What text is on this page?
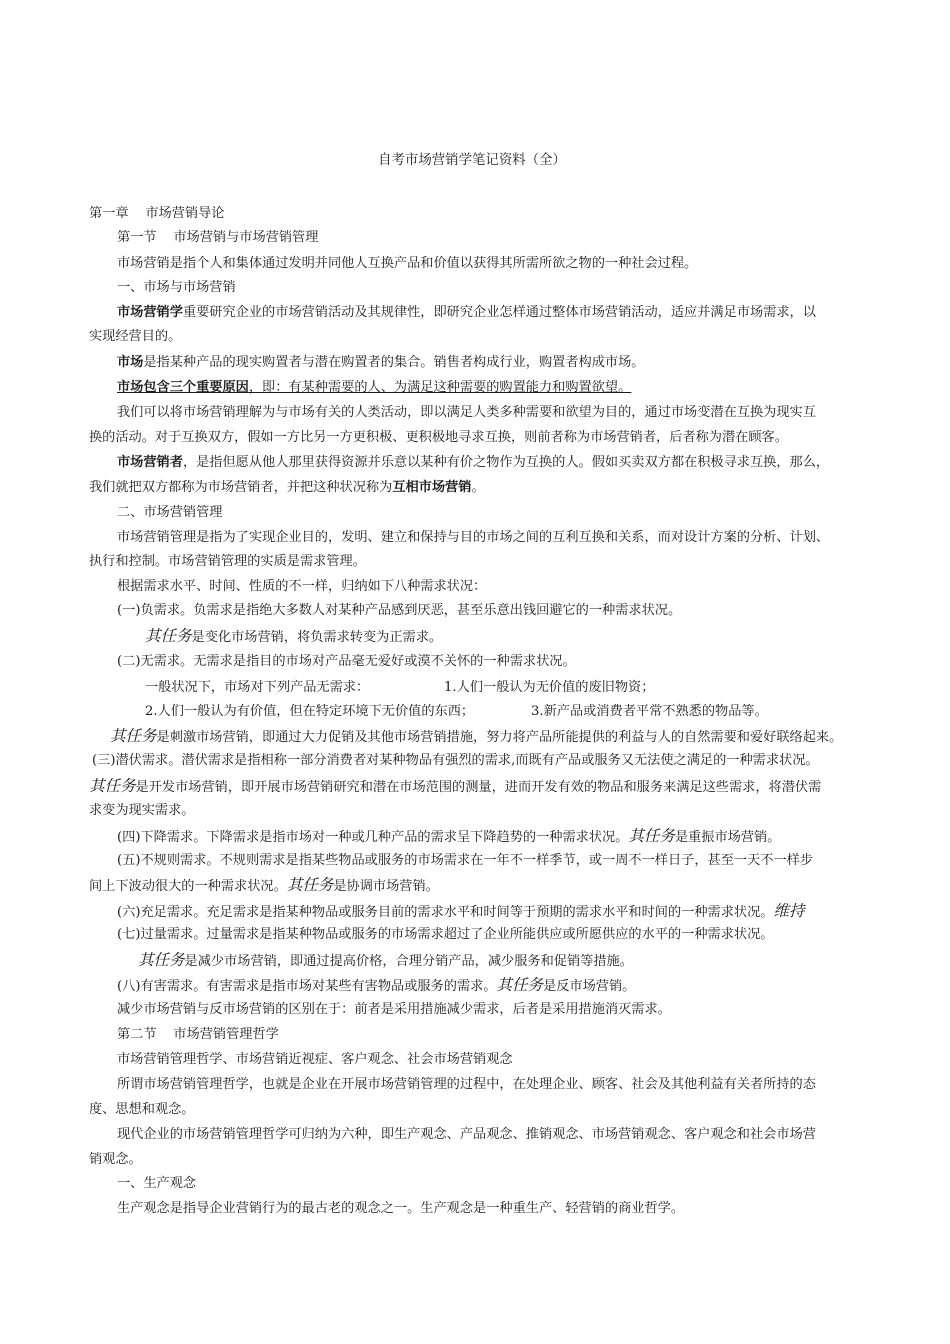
自考市场营销学笔记资料（全）
第一章 市场营销导论
第一节 市场营销与市场营销管理
市场营销是指个人和集体通过发明并同他人互换产品和价值以获得其所需所欲之物的一种社会过程。
一、市场与市场营销
市场营销学重要研究企业的市场营销活动及其规律性，即研究企业怎样通过整体市场营销活动，适应并满足市场需求，以
实现经营目的。
市场是指某种产品的现实购置者与潜在购置者的集合。销售者构成行业，购置者构成市场。
市场包含三个重要原因，即：有某种需要的人、为满足这种需要的购置能力和购置欲望。
我们可以将市场营销理解为与市场有关的人类活动，即以满足人类多种需要和欲望为目的，通过市场变潜在互换为现实互
换的活动。对于互换双方，假如一方比另一方更积极、更积极地寻求互换，则前者称为市场营销者，后者称为潜在顾客。
市场营销者，是指但愿从他人那里获得资源并乐意以某种有价之物作为互换的人。假如买卖双方都在积极寻求互换，那么，
我们就把双方都称为市场营销者，并把这种状况称为互相市场营销。
二、市场营销管理
市场营销管理是指为了实现企业目的，发明、建立和保持与目的市场之间的互利互换和关系，而对设计方案的分析、计划、
执行和控制。市场营销管理的实质是需求管理。
根据需求水平、时间、性质的不一样，归纳如下八种需求状况：
(一)负需求。负需求是指绝大多数人对某种产品感到厌恶，甚至乐意出钱回避它的一种需求状况。
其任务是变化市场营销，将负需求转变为正需求。
(二)无需求。无需求是指目的市场对产品毫无爱好或漠不关怀的一种需求状况。
一般状况下，市场对下列产品无需求：	1.人们一般认为无价值的废旧物资；
2.人们一般认为有价值，但在特定环境下无价值的东西；	3.新产品或消费者平常不熟悉的物品等。
其任务是刺激市场营销，即通过大力促销及其他市场营销措施，努力将产品所能提供的利益与人的自然需要和爱好联络起来。
(三)潜伏需求。潜伏需求是指相称一部分消费者对某种物品有强烈的需求,而既有产品或服务又无法使之满足的一种需求状况。
其任务是开发市场营销，即开展市场营销研究和潜在市场范围的测量，进而开发有效的物品和服务来满足这些需求，将潜伏需
求变为现实需求。
(四)下降需求。下降需求是指市场对一种或几种产品的需求呈下降趋势的一种需求状况。其任务是重振市场营销。
(五)不规则需求。不规则需求是指某些物品或服务的市场需求在一年不一样季节，或一周不一样日子，甚至一天不一样步
间上下波动很大的一种需求状况。其任务是协调市场营销。
(六)充足需求。充足需求是指某种物品或服务目前的需求水平和时间等于预期的需求水平和时间的一种需求状况。维持
(七)过量需求。过量需求是指某种物品或服务的市场需求超过了企业所能供应或所愿供应的水平的一种需求状况。
其任务是减少市场营销，即通过提高价格，合理分销产品，减少服务和促销等措施。
(八)有害需求。有害需求是指市场对某些有害物品或服务的需求。其任务是反市场营销。
减少市场营销与反市场营销的区别在于：前者是采用措施减少需求，后者是采用措施消灭需求。
第二节 市场营销管理哲学
市场营销管理哲学、市场营销近视症、客户观念、社会市场营销观念
所谓市场营销管理哲学，也就是企业在开展市场营销管理的过程中，在处理企业、顾客、社会及其他利益有关者所持的态
度、思想和观念。
现代企业的市场营销管理哲学可归纳为六种，即生产观念、产品观念、推销观念、市场营销观念、客户观念和社会市场营
销观念。
一、生产观念
生产观念是指导企业营销行为的最古老的观念之一。生产观念是一种重生产、轻营销的商业哲学。
